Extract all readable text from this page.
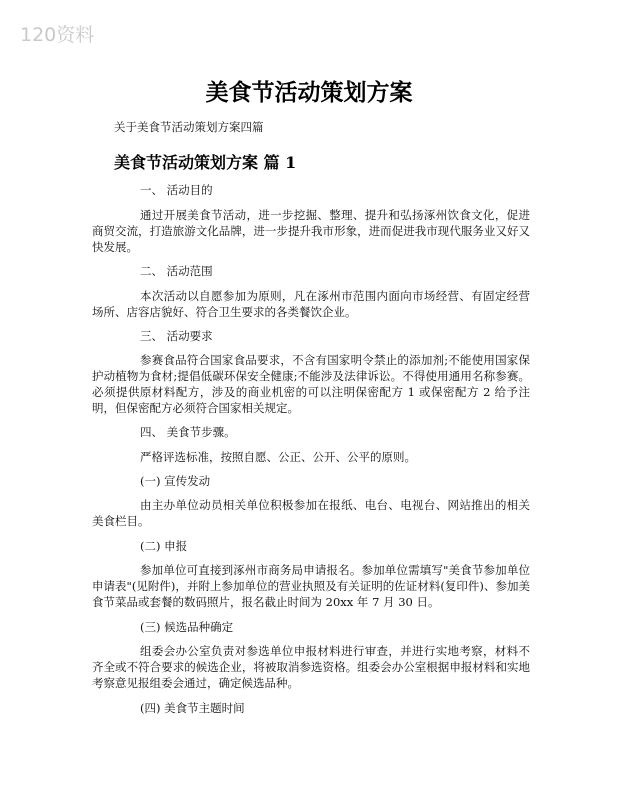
120资料
美食节活动策划方案
关于美食节活动策划方案四篇
美食节活动策划方案 篇 1
一、 活动目的
通过开展美食节活动，进一步挖掘、整理、提升和弘扬涿州饮食文化，促进商贸交流，打造旅游文化品牌，进一步提升我市形象，进而促进我市现代服务业又好又快发展。
二、 活动范围
本次活动以自愿参加为原则，凡在涿州市范围内面向市场经营、有固定经营场所、店容店貌好、符合卫生要求的各类餐饮企业。
三、 活动要求
参赛食品符合国家食品要求，不含有国家明令禁止的添加剂;不能使用国家保护动植物为食材;提倡低碳环保安全健康;不能涉及法律诉讼。不得使用通用名称参赛。必须提供原材料配方，涉及的商业机密的可以注明保密配方 1 或保密配方 2 给予注明，但保密配方必须符合国家相关规定。
四、 美食节步骤。
严格评选标准，按照自愿、公正、公开、公平的原则。
(一) 宣传发动
由主办单位动员相关单位积极参加在报纸、电台、电视台、网站推出的相关美食栏目。
(二) 申报
参加单位可直接到涿州市商务局申请报名。参加单位需填写"美食节参加单位申请表"(见附件)，并附上参加单位的营业执照及有关证明的佐证材料(复印件)、参加美食节菜品或套餐的数码照片，报名截止时间为 20xx 年 7 月 30 日。
(三) 候选品种确定
组委会办公室负责对参选单位申报材料进行审查，并进行实地考察，材料不齐全或不符合要求的候选企业，将被取消参选资格。组委会办公室根据申报材料和实地考察意见报组委会通过，确定候选品种。
(四) 美食节主题时间
